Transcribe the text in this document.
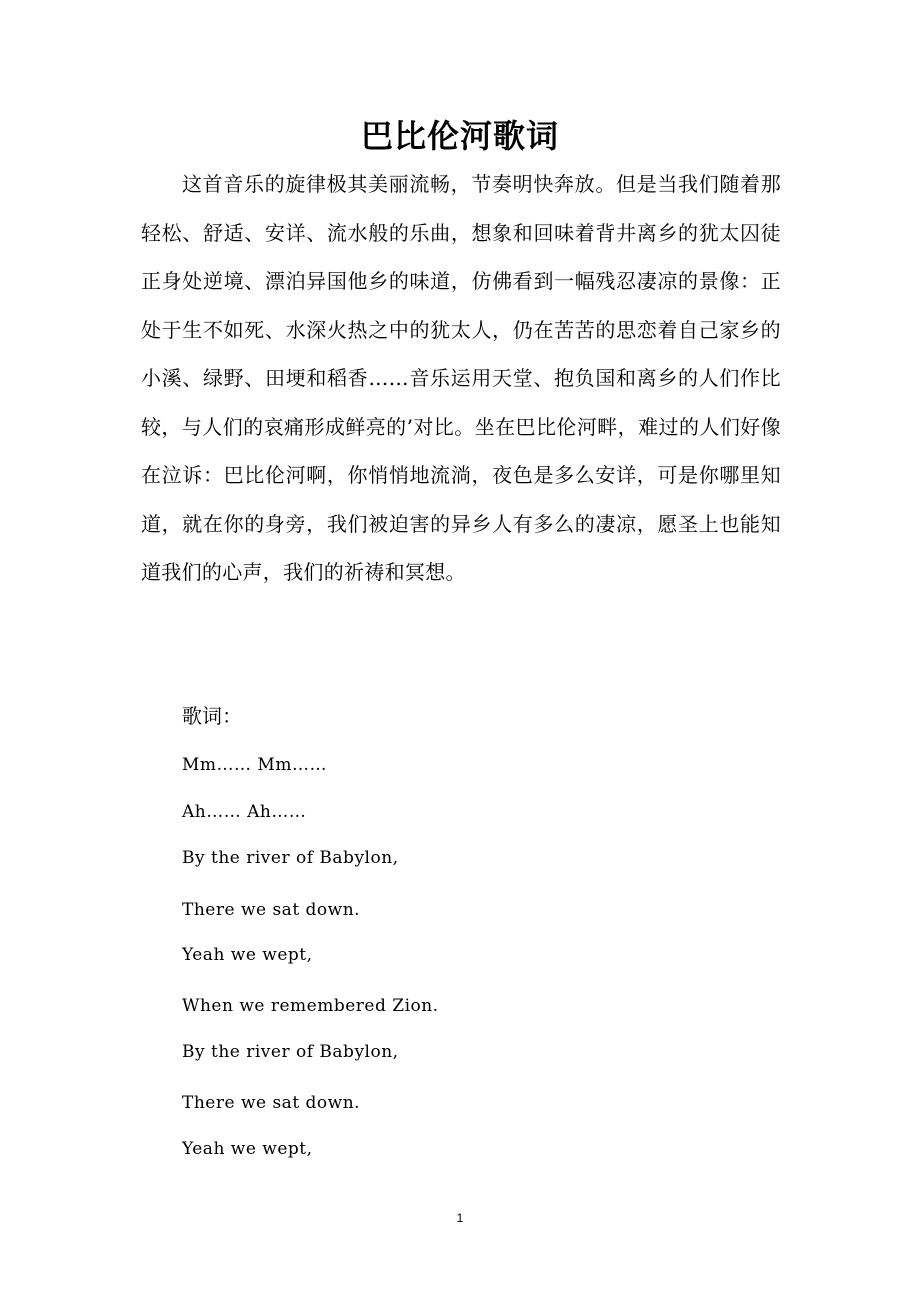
巴比伦河歌词

这首音乐的旋律极其美丽流畅，节奏明快奔放。但是当我们随着那轻松、舒适、安详、流水般的乐曲，想象和回味着背井离乡的犹太囚徒正身处逆境、漂泊异国他乡的味道，仿佛看到一幅残忍凄凉的景像：正处于生不如死、水深火热之中的犹太人，仍在苦苦的思恋着自己家乡的小溪、绿野、田埂和稻香……音乐运用天堂、抱负国和离乡的人们作比较，与人们的哀痛形成鲜亮的’对比。坐在巴比伦河畔，难过的人们好像在泣诉：巴比伦河啊，你悄悄地流淌，夜色是多么安详，可是你哪里知道，就在你的身旁，我们被迫害的异乡人有多么的凄凉，愿圣上也能知道我们的心声，我们的祈祷和冥想。

歌词：

Mm…… Mm……

Ah…… Ah……

By the river of Babylon,

There we sat down.

Yeah we wept,

When we remembered Zion.

By the river of Babylon,

There we sat down.

Yeah we wept,

1
